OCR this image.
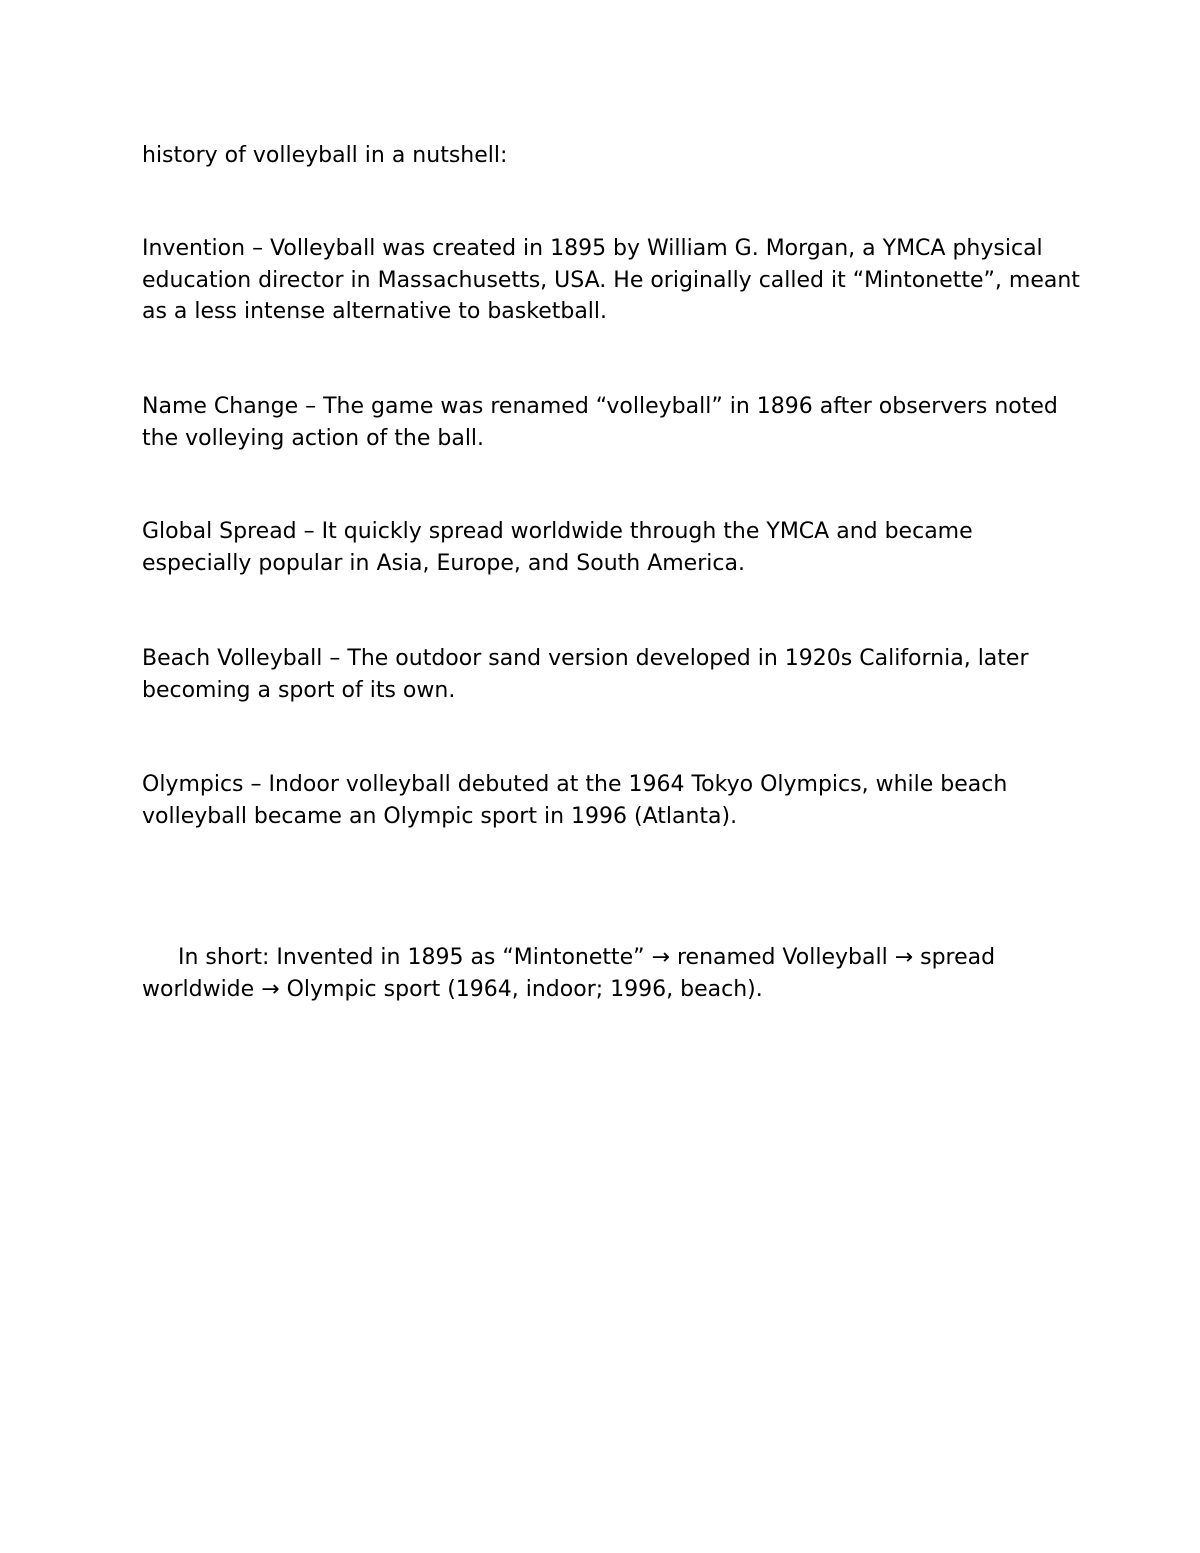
history of volleyball in a nutshell:

Invention – Volleyball was created in 1895 by William G. Morgan, a YMCA physical education director in Massachusetts, USA. He originally called it “Mintonette”, meant as a less intense alternative to basketball.

Name Change – The game was renamed “volleyball” in 1896 after observers noted the volleying action of the ball.

Global Spread – It quickly spread worldwide through the YMCA and became especially popular in Asia, Europe, and South America.

Beach Volleyball – The outdoor sand version developed in 1920s California, later becoming a sport of its own.

Olympics – Indoor volleyball debuted at the 1964 Tokyo Olympics, while beach volleyball became an Olympic sport in 1996 (Atlanta).

In short: Invented in 1895 as “Mintonette” → renamed Volleyball → spread worldwide → Olympic sport (1964, indoor; 1996, beach).
